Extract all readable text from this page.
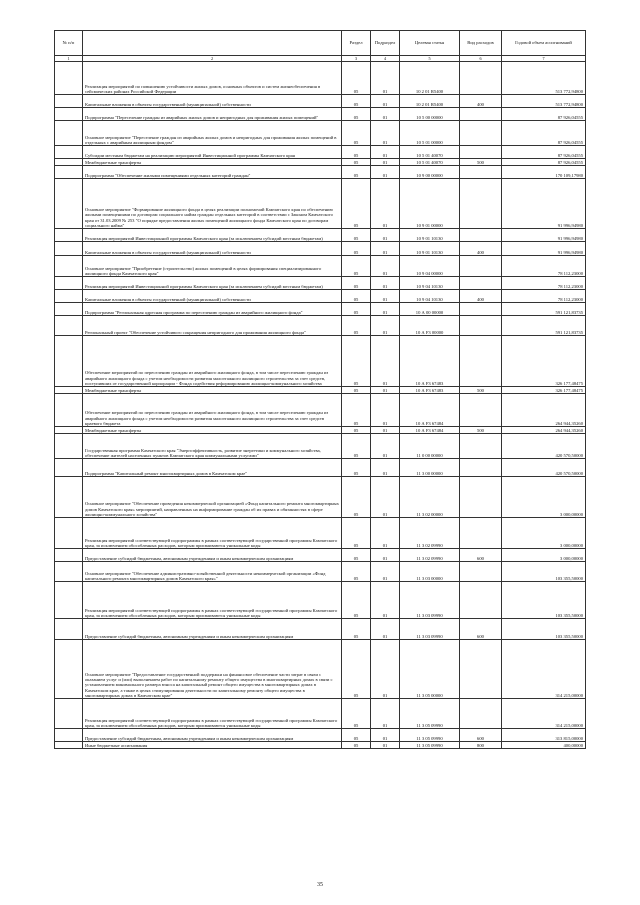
№ п/п		Раздел	Подраздел	Целевая статья	Вид расходов	Годовой объем ассигнований
1	2	3	4	5	6	7
	Реализация мероприятий по повышению устойчивости жилых домов, основных объектов и систем жизнеобеспечения в сейсмических районах Российской Федерации	05	01	10 2 01 R5400		513 772,94800
	Капитальные вложения в объекты государственной (муниципальной) собственности	05	01	10 2 01 R5400	400	513 772,94800
	Подпрограмма "Переселение граждан из аварийных жилых домов и непригодных для проживания жилых помещений"	05	01	10 5 00 00000		87 926,04555
	Основное мероприятие "Переселение граждан из аварийных жилых домов и непригодных для проживания жилых помещений в отдельных с аварийным жилищным фондом"	05	01	10 5 01 00000		87 926,04555
	Субсидии местным бюджетам на реализацию мероприятий Инвестиционной программы Камчатского края	05	01	10 5 01 40070		87 926,04555
	Межбюджетные трансферты	05	01	10 5 01 40070	500	87 926,04555
	Подпрограмма "Обеспечение жилыми помещениями отдельных категорий граждан"	05	01	10 9 00 00000		170 109,17980
	Основное мероприятие "Формирование жилищного фонда в целях реализации полномочий Камчатского края по обеспечению жилыми помещениями по договорам социального найма граждан отдельных категорий в соответствии с Законом Камчатского края от 31.03.2009 № 253 "О порядке предоставления жилых помещений жилищного фонда Камчатского края по договорам социального найма"	05	01	10 9 01 00000		91 996,94980
	Реализация мероприятий Инвестиционной программы Камчатского края (за исключением субсидий местным бюджетам)	05	01	10 9 01 10130		91 996,94980
	Капитальные вложения в объекты государственной (муниципальной) собственности	05	01	10 9 01 10130	400	91 996,94980
	Основное мероприятие "Приобретение (строительство) жилых помещений в целях формирования специализированного жилищного фонда Камчатского края"	05	01	10 9 04 00000		78 112,23000
	Реализация мероприятий Инвестиционной программы Камчатского края (за исключением субсидий местным бюджетам)	05	01	10 9 04 10130		78 112,23000
	Капитальные вложения в объекты государственной (муниципальной) собственности	05	01	10 9 04 10130	400	78 112,23000
	Подпрограмма "Региональная адресная программа по переселению граждан из аварийного жилищного фонда"	05	01	10 А 00 00000		591 121,83735
	Региональный проект "Обеспечение устойчивого сокращения непригодного для проживания жилищного фонда"	05	01	10 А F3 00000		591 121,83735
	Обеспечение мероприятий по переселению граждан из аварийного жилищного фонда, в том числе переселению граждан из аварийного жилищного фонда с учетом необходимости развития малоэтажного жилищного строительства за счет средств, поступивших от государственной корпорации - Фонда содействия реформированию жилищно-коммунального хозяйства	05	01	10 А F3 67483		326 177,48475
	Межбюджетные трансферты	05	01	10 А F3 67483	500	326 177,48475
	Обеспечение мероприятий по переселению граждан из аварийного жилищного фонда, в том числе переселению граждан из аварийного жилищного фонда с учетом необходимости развития малоэтажного жилищного строительства за счет средств краевого бюджета	05	01	10 А F3 67484		264 944,35260
	Межбюджетные трансферты	05	01	10 А F3 67484	500	264 944,35260
	Государственная программа Камчатского края "Энергоэффективность, развитие энергетики и коммунального хозяйства, обеспечение жителей населенных пунктов Камчатского края коммунальными услугами"	05	01	11 0 00 00000		420 570,50000
	Подпрограмма "Капитальный ремонт многоквартирных домов в Камчатском крае"	05	01	11 3 00 00000		420 570,50000
	Основное мероприятие "Обеспечение проведения некоммерческой организацией «Фонд капитального ремонта многоквартирных домов Камчатского края» мероприятий, направленных на информирование граждан об их правах и обязанностях в сфере жилищно-коммунального хозяйства"	05	01	11 3 02 00000		3 000,00000
	Реализация мероприятий соответствующей подпрограммы в рамках соответствующей государственной программы Камчатского края, за исключением обособленных расходов, которым присваиваются уникальные коды	05	01	11 3 02 09990		3 000,00000
	Предоставление субсидий бюджетным, автономным учреждениям и иным некоммерческим организациям	05	01	11 3 02 09990	600	3 000,00000
	Основное мероприятие "Обеспечение административно-хозяйственной деятельности некоммерческой организации «Фонд капитального ремонта многоквартирных домов Камчатского края»"	05	01	11 3 03 00000		103 355,50000
	Реализация мероприятий соответствующей подпрограммы в рамках соответствующей государственной программы Камчатского края, за исключением обособленных расходов, которым присваиваются уникальные коды	05	01	11 3 03 09990		103 355,50000
	Предоставление субсидий бюджетным, автономным учреждениям и иным некоммерческим организациям	05	01	11 3 03 09990	600	103 355,50000
	Основное мероприятие "Предоставление государственной поддержки на финансовое обеспечение части затрат в связи с оказанием услуг и (или) выполнением работ по капитальному ремонту общего имущества в многоквартирных домах в связи с установлением минимального размера взноса на капитальный ремонт общего имущества в многоквартирных домах в Камчатском крае, а также в целях стимулирования деятельности по капитальному ремонту общего имущества в многоквартирных домах в Камчатском крае"	05	01	11 3 05 00000		314 215,00000
	Реализация мероприятий соответствующей подпрограммы в рамках соответствующей государственной программы Камчатского края, за исключением обособленных расходов, которым присваиваются уникальные коды	05	01	11 3 05 09990		314 215,00000
	Предоставление субсидий бюджетным, автономным учреждениям и иным некоммерческим организациям	05	01	11 3 05 09990	600	313 815,00000
	Иные бюджетные ассигнования	05	01	11 3 05 09990	800	400,00000
35
